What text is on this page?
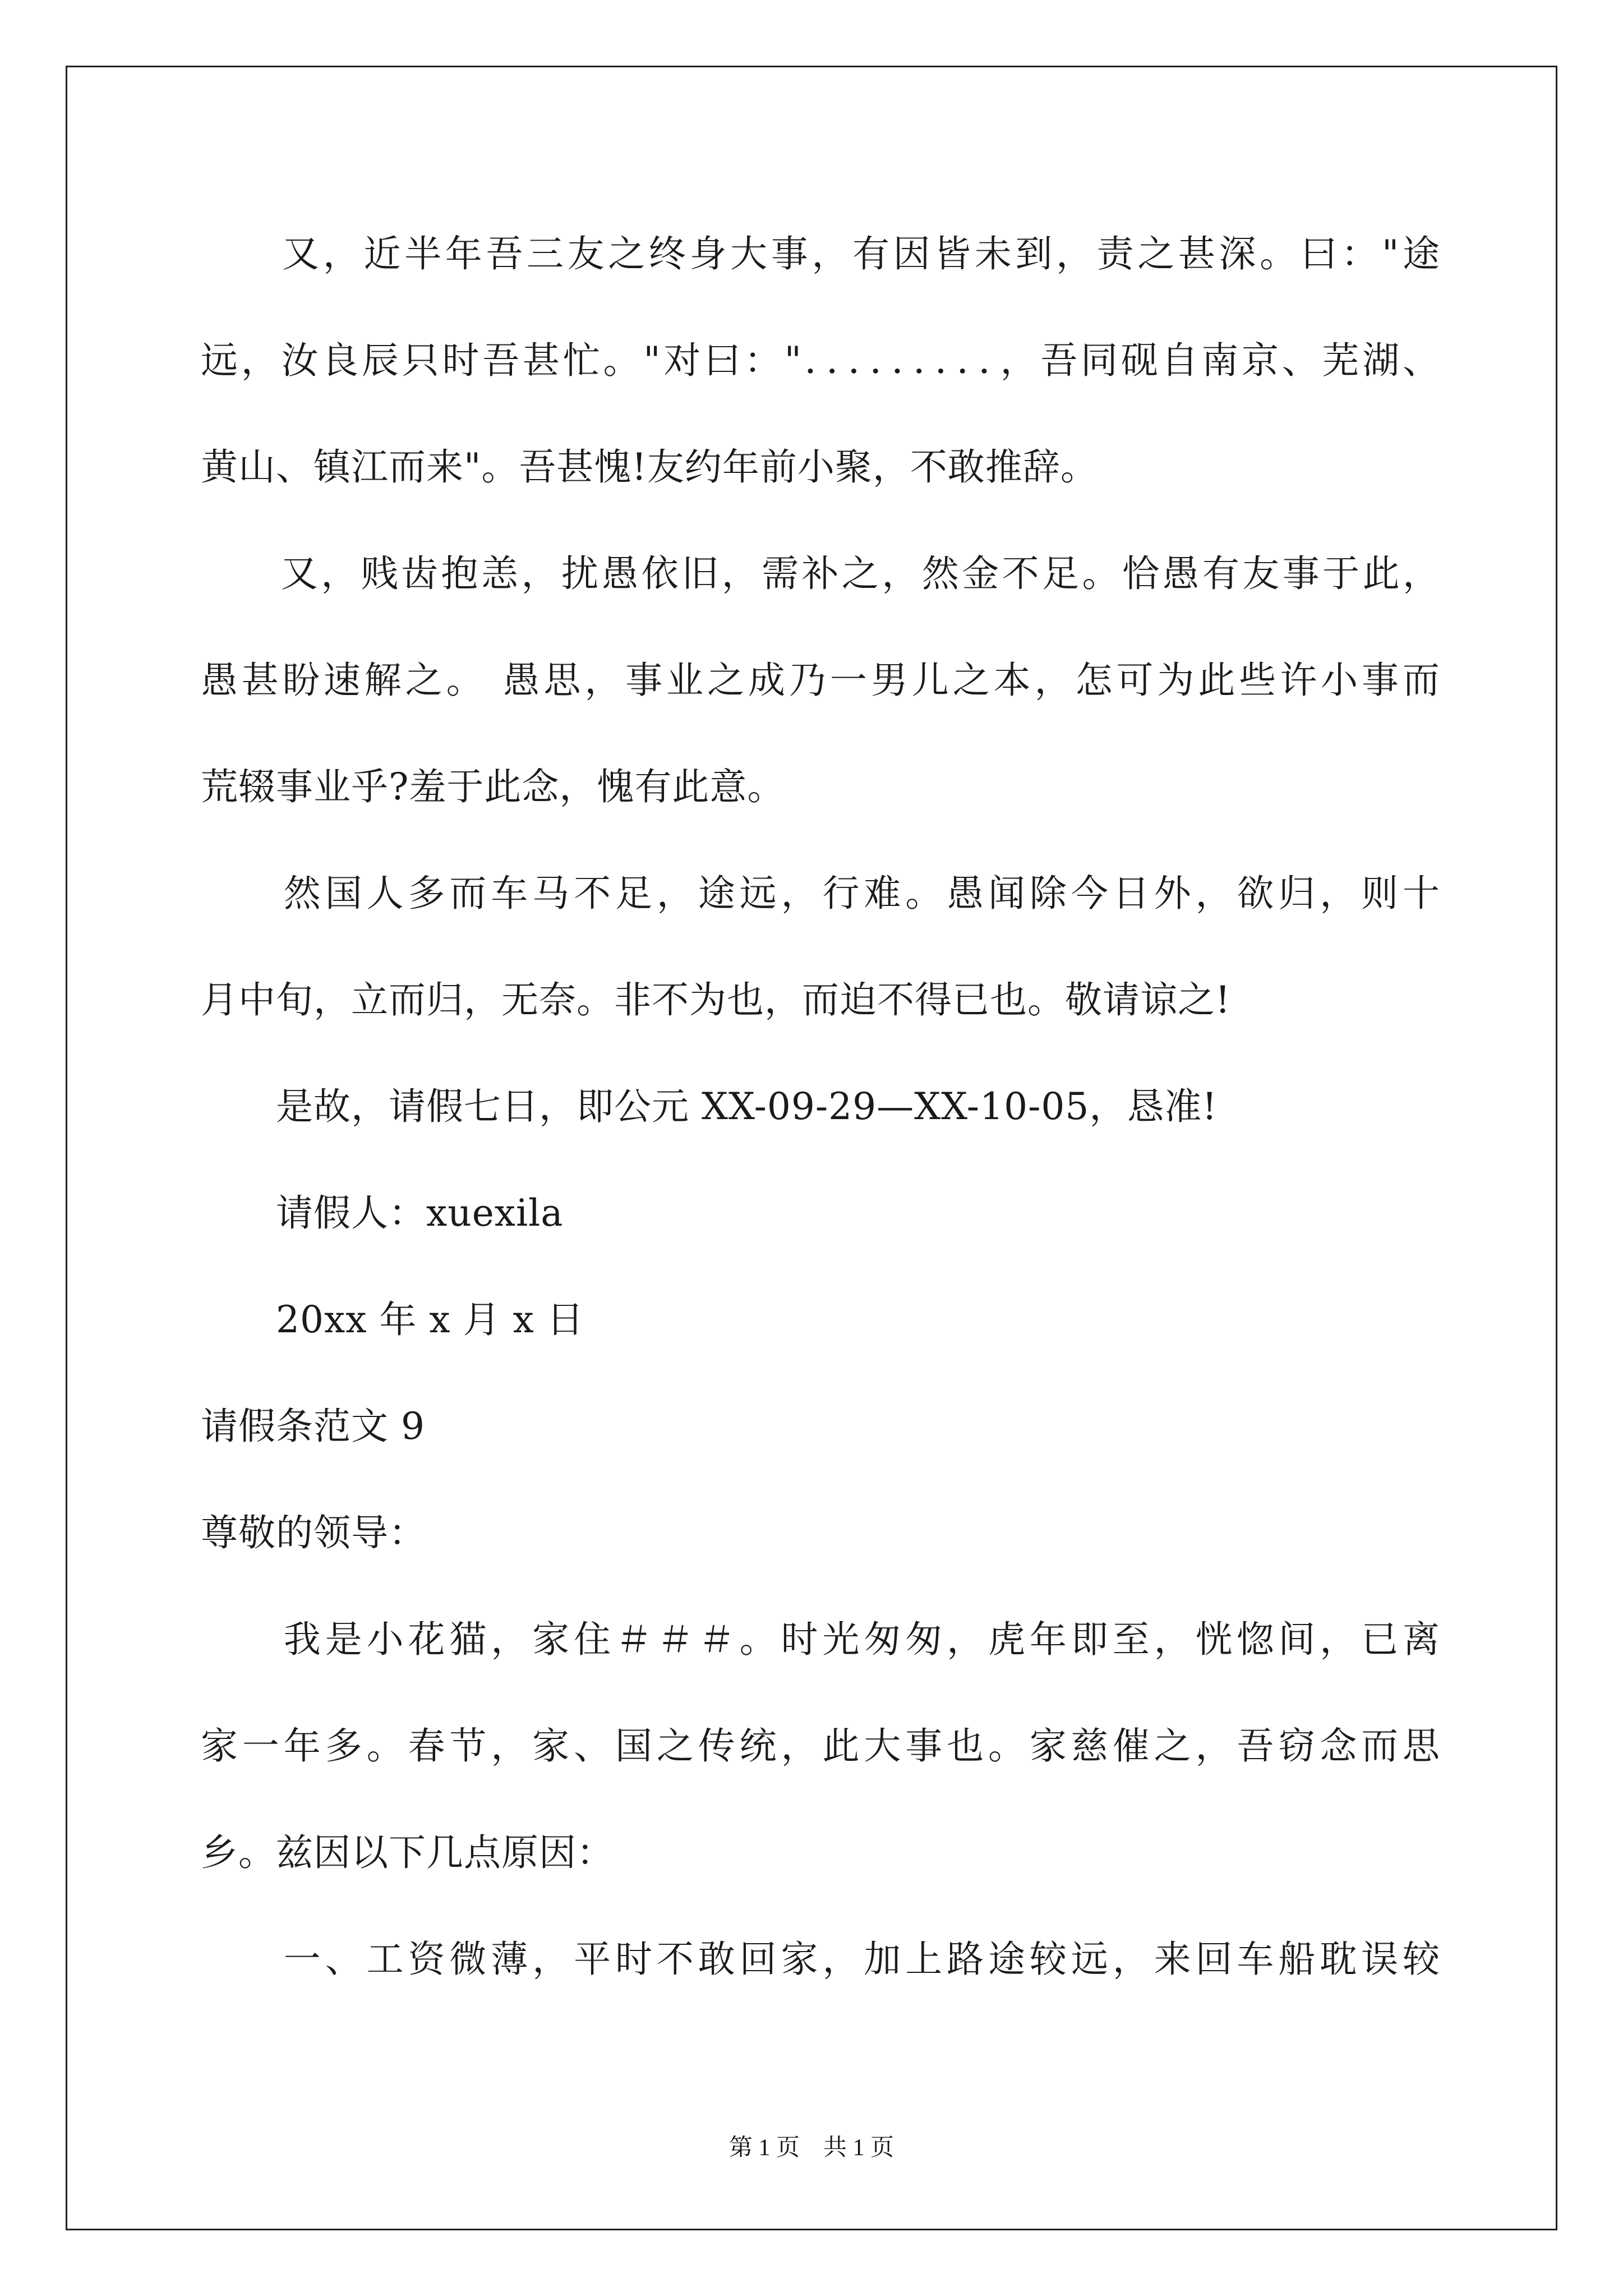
　　又，近半年吾三友之终身大事，有因皆未到，责之甚深。曰："途
远，汝良辰只时吾甚忙。"对曰："．．．．．．．．．，吾同砚自南京、芜湖、
黄山、镇江而来"。吾甚愧!友约年前小聚，不敢推辞。
　　又，贱齿抱恙，扰愚依旧，需补之，然金不足。恰愚有友事于此，
愚甚盼速解之。 愚思，事业之成乃一男儿之本，怎可为此些许小事而
荒辍事业乎?羞于此念，愧有此意。
　　然国人多而车马不足，途远，行难。愚闻除今日外，欲归，则十
月中旬，立而归，无奈。非不为也，而迫不得已也。敬请谅之!
　　是故，请假七日，即公元 XX-09-29—XX-10-05，恳准!
　　请假人：xuexila
　　20xx 年 x 月 x 日
请假条范文 9
尊敬的领导：
　　我是小花猫，家住＃＃＃。时光匆匆，虎年即至，恍惚间，已离
家一年多。春节，家、国之传统，此大事也。家慈催之，吾窃念而思
乡。兹因以下几点原因：
　　一、工资微薄，平时不敢回家，加上路途较远，来回车船耽误较
第 1 页　共 1 页
